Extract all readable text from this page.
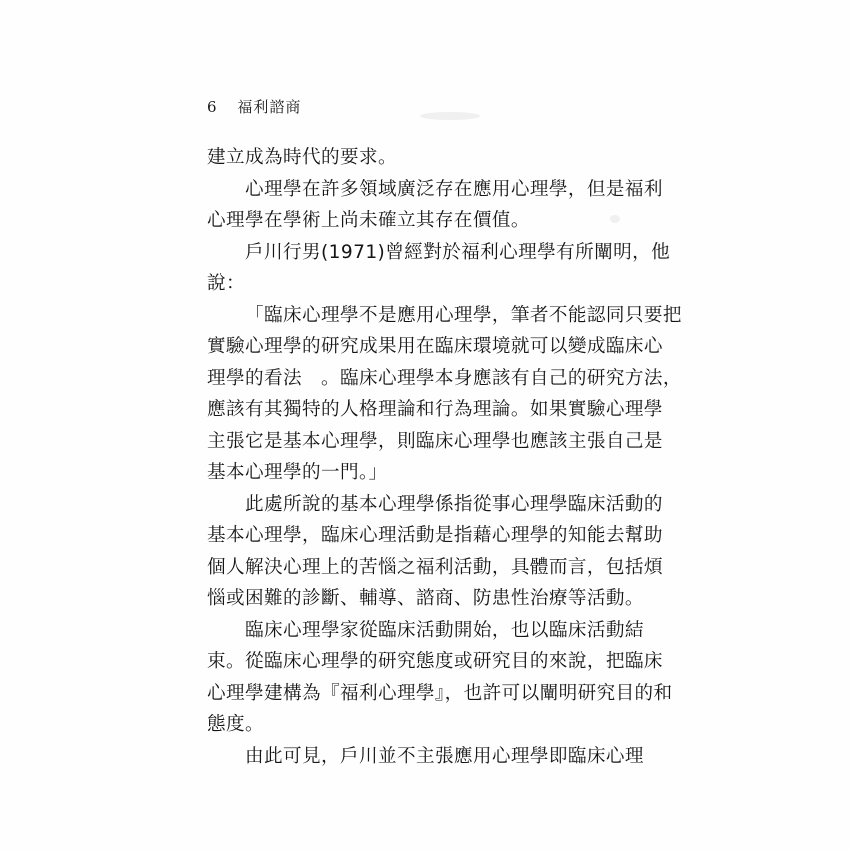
6 福利諮商
建立成為時代的要求。
心理學在許多領域廣泛存在應用心理學，但是福利
心理學在學術上尚未確立其存在價值。
戶川行男(1971)曾經對於福利心理學有所闡明，他
說：
「臨床心理學不是應用心理學，筆者不能認同只要把
實驗心理學的研究成果用在臨床環境就可以變成臨床心
理學的看法　。臨床心理學本身應該有自己的研究方法，
應該有其獨特的人格理論和行為理論。如果實驗心理學
主張它是基本心理學，則臨床心理學也應該主張自己是
基本心理學的一門。」
此處所說的基本心理學係指從事心理學臨床活動的
基本心理學，臨床心理活動是指藉心理學的知能去幫助
個人解決心理上的苦惱之福利活動，具體而言，包括煩
惱或困難的診斷、輔導、諮商、防患性治療等活動。
臨床心理學家從臨床活動開始，也以臨床活動結
束。從臨床心理學的研究態度或研究目的來說，把臨床
心理學建構為『福利心理學』，也許可以闡明研究目的和
態度。
由此可見，戶川並不主張應用心理學即臨床心理
